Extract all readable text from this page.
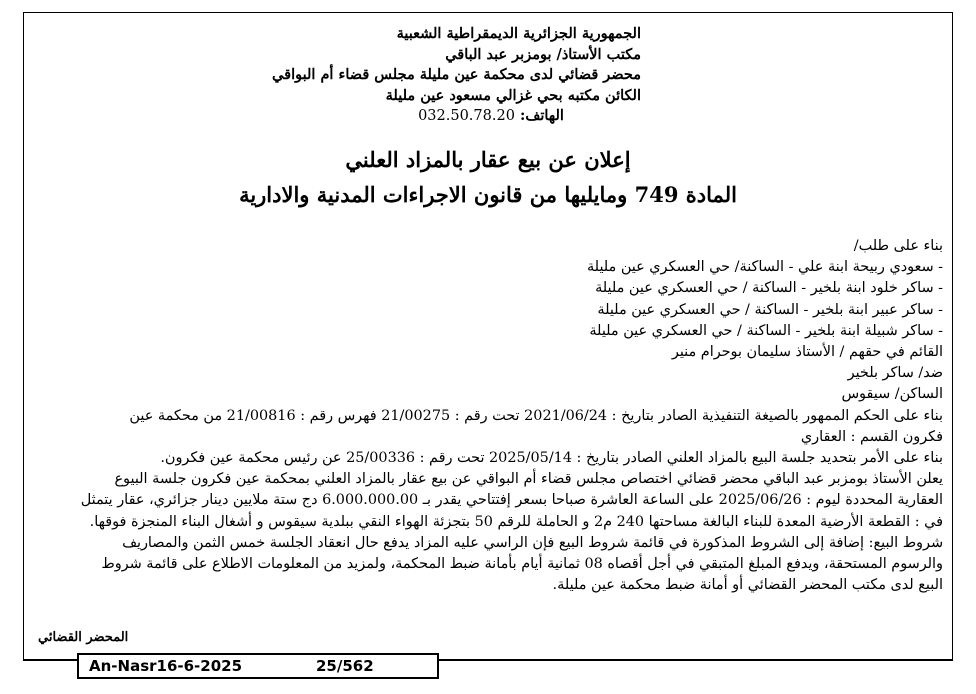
الجمهورية الجزائرية الديمقراطية الشعبية
مكتب الأستاذ/ بومزبر عبد الباقي
محضر قضائي لدى محكمة عين مليلة مجلس قضاء أم البواقي
الكائن مكتبه بحي غزالي مسعود عين مليلة
الهاتف: 032.50.78.20
إعلان عن بيع عقار بالمزاد العلني
المادة 749 ومايليها من قانون الاجراءات المدنية والادارية
بناء على طلب/
- سعودي ربيحة ابنة علي - الساكنة/ حي العسكري عين مليلة
- ساكر خلود ابنة بلخير - الساكنة / حي العسكري عين مليلة
- ساكر عبير ابنة بلخير - الساكنة / حي العسكري عين مليلة
- ساكر شبيلة ابنة بلخير - الساكنة / حي العسكري عين مليلة
القائم في حقهم / الأستاذ سليمان بوحرام منير
ضد/ ساكر بلخير
الساكن/ سيقوس
بناء على الحكم الممهور بالصيغة التنفيذية الصادر بتاريخ : 2021/06/24 تحت رقم : 21/00275 فهرس رقم : 21/00816 من محكمة عين
فكرون القسم : العقاري
بناء على الأمر بتحديد جلسة البيع بالمزاد العلني الصادر بتاريخ : 2025/05/14 تحت رقم : 25/00336 عن رئيس محكمة عين فكرون.
يعلن الأستاذ بومزبر عبد الباقي محضر قضائي اختصاص مجلس قضاء أم البواقي عن بيع عقار بالمزاد العلني بمحكمة عين فكرون جلسة البيوع
العقارية المحددة ليوم : 2025/06/26 على الساعة العاشرة صباحا بسعر إفتتاحي يقدر بـ 6.000.000.00 دج ستة ملايين دينار جزائري، عقار يتمثل
في : القطعة الأرضية المعدة للبناء البالغة مساحتها 240 م2 و الحاملة للرقم 50 بتجزئة الهواء النقي ببلدية سيقوس و أشغال البناء المنجزة فوقها.
شروط البيع: إضافة إلى الشروط المذكورة في قائمة شروط البيع فإن الراسي عليه المزاد يدفع حال انعقاد الجلسة خمس الثمن والمصاريف
والرسوم المستحقة، ويدفع المبلغ المتبقي في أجل أقصاه 08 ثمانية أيام بأمانة ضبط المحكمة، ولمزيد من المعلومات الاطلاع على قائمة شروط
البيع لدى مكتب المحضر القضائي أو أمانة ضبط محكمة عين مليلة.
المحضر القضائي
An-Nasr16-6-2025	25/562
